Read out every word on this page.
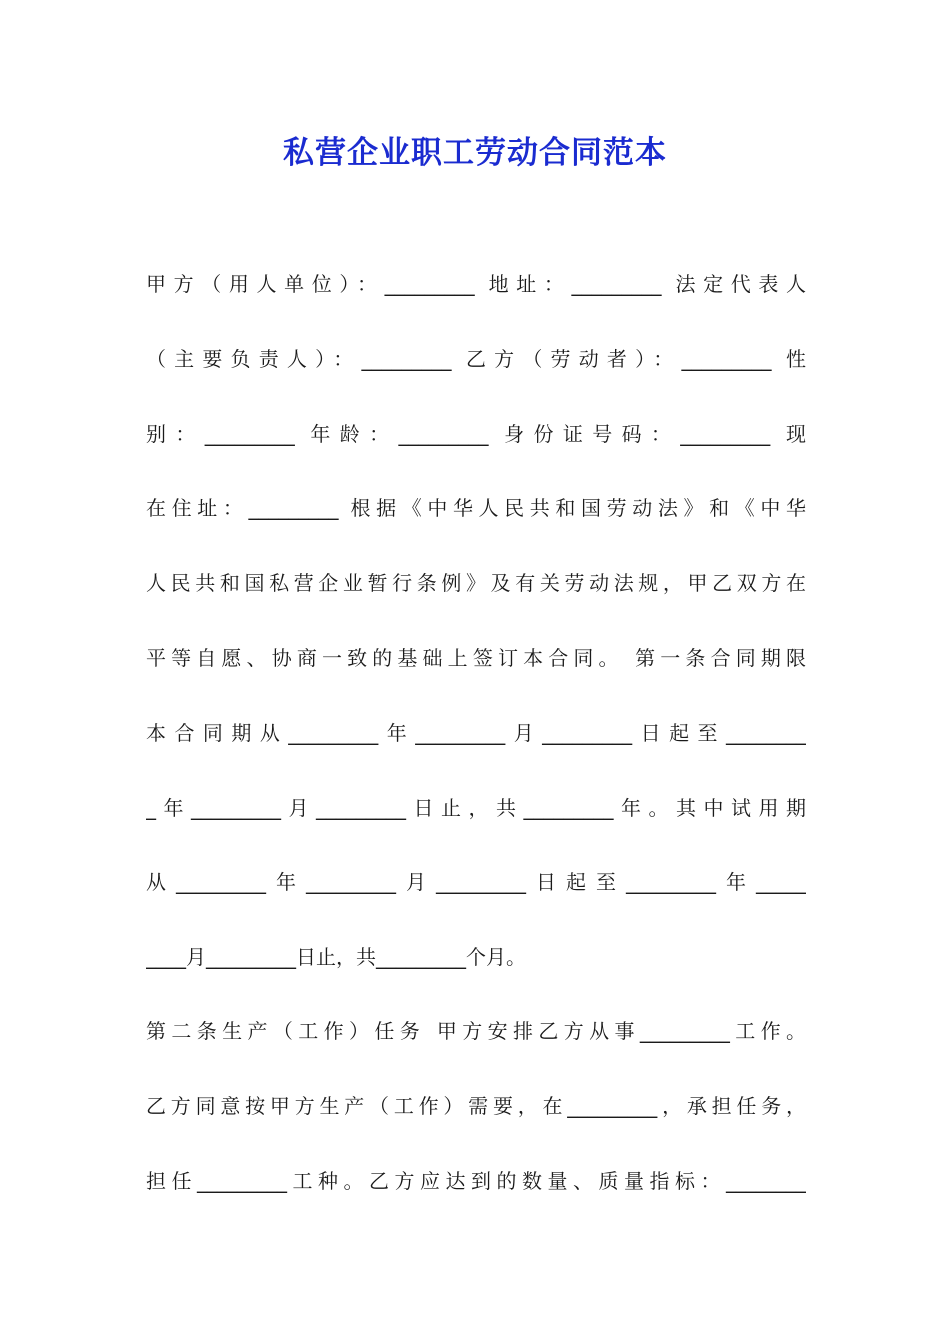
私营企业职工劳动合同范本
甲方（用人单位）：_________ 地址：_________ 法定代表人
（主要负责人）：_________ 乙方（劳动者）：_________ 性
别：_________ 年龄：_________ 身份证号码：_________ 现
在住址：_________ 根据《中华人民共和国劳动法》和《中华
人民共和国私营企业暂行条例》及有关劳动法规，甲乙双方在
平等自愿、协商一致的基础上签订本合同。 第一条合同期限
本合同期从_________年_________月_________日起至________
_年_________月_________日止，共_________年。其中试用期
从_________年_________月_________日起至_________年_____
____月_________日止，共_________个月。
第二条生产（工作）任务 甲方安排乙方从事_________工作。
乙方同意按甲方生产（工作）需要，在_________，承担任务，
担任_________工种。乙方应达到的数量、质量指标：________
